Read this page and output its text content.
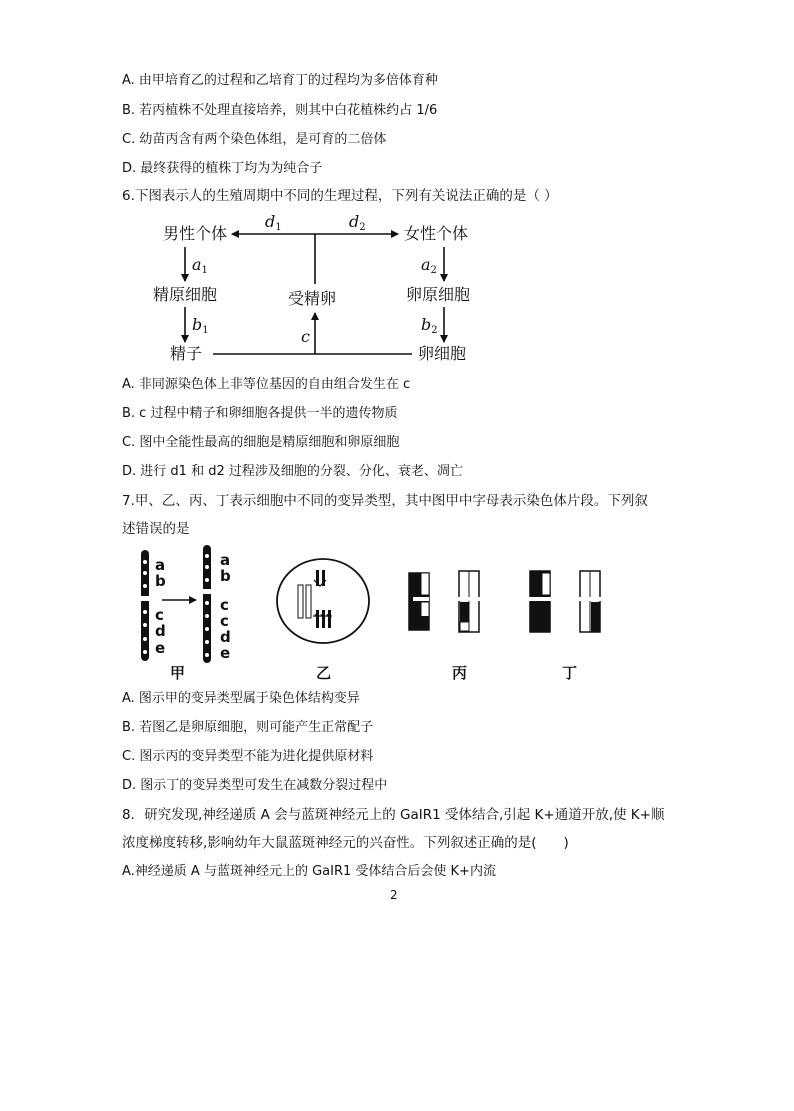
A. 由甲培育乙的过程和乙培育丁的过程均为多倍体育种
B. 若丙植株不处理直接培养，则其中白花植株约占 1/6
C. 幼苗丙含有两个染色体组，是可育的二倍体
D. 最终获得的植株丁均为为纯合子
6.下图表示人的生殖周期中不同的生理过程，下列有关说法正确的是（ ）
男性个体	女性个体
精原细胞	卵原细胞
受精卵
精子	卵细胞
d1	d2
a1	a2
b1	b2
c
A. 非同源染色体上非等位基因的自由组合发生在 c
B. c 过程中精子和卵细胞各提供一半的遗传物质
C. 图中全能性最高的细胞是精原细胞和卵原细胞
D. 进行 d1 和 d2 过程涉及细胞的分裂、分化、衰老、凋亡
7.甲、乙、丙、丁表示细胞中不同的变异类型，其中图甲中字母表示染色体片段。下列叙
述错误的是
a
b
c
d
e
a
b
c
c
d
e
甲	乙	丙	丁
A. 图示甲的变异类型属于染色体结构变异
B. 若图乙是卵原细胞，则可能产生正常配子
C. 图示丙的变异类型不能为进化提供原材料
D. 图示丁的变异类型可发生在减数分裂过程中
8．研究发现,神经递质 A 会与蓝斑神经元上的 GaIR1 受体结合,引起 K+通道开放,使 K+顺
浓度梯度转移,影响幼年大鼠蓝斑神经元的兴奋性。下列叙述正确的是(　　)
A.神经递质 A 与蓝斑神经元上的 GaIR1 受体结合后会使 K+内流
2
